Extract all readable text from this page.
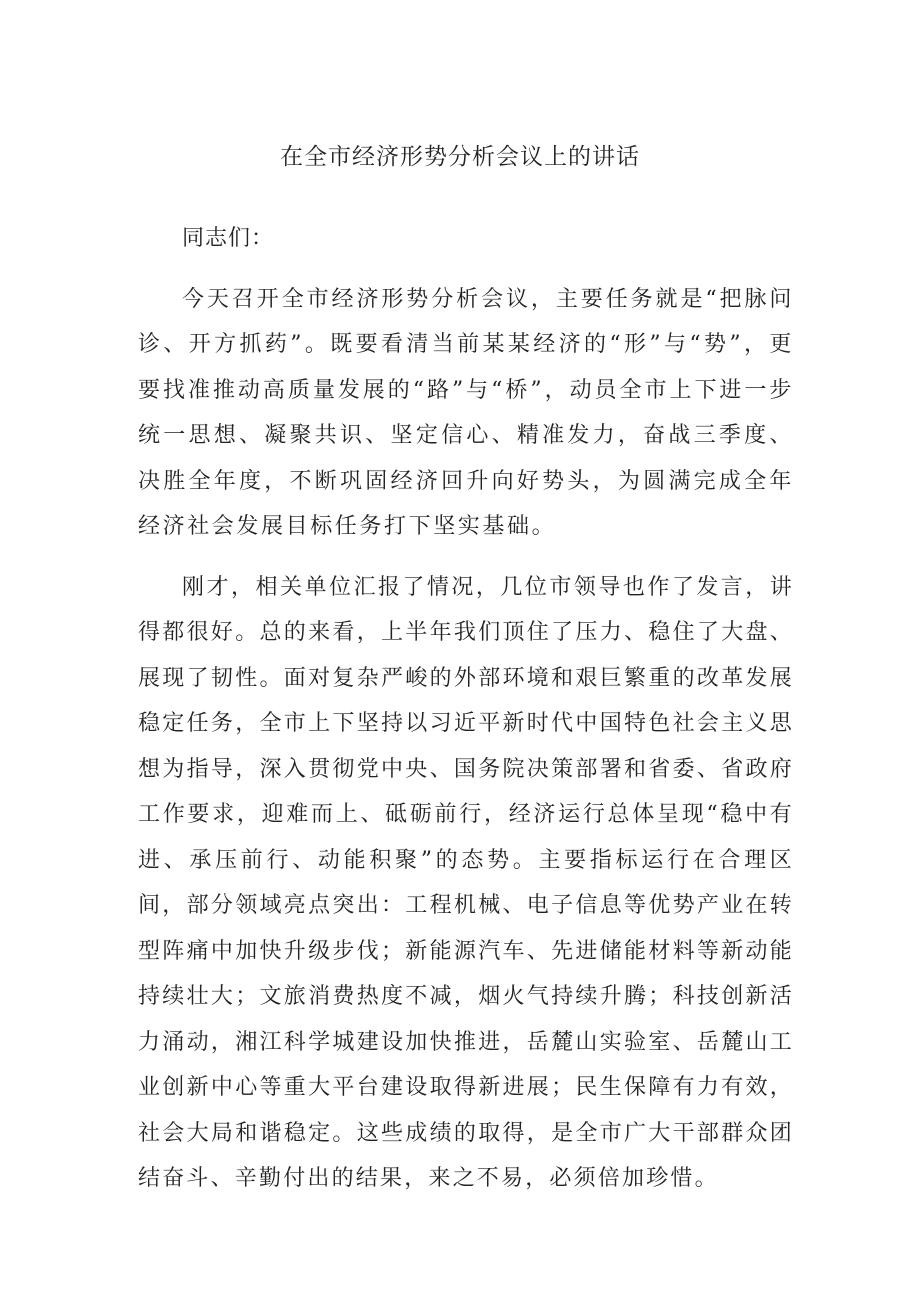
在全市经济形势分析会议上的讲话

同志们：

今天召开全市经济形势分析会议，主要任务就是“把脉问诊、开方抓药”。既要看清当前某某经济的“形”与“势”，更要找准推动高质量发展的“路”与“桥”，动员全市上下进一步统一思想、凝聚共识、坚定信心、精准发力，奋战三季度、决胜全年度，不断巩固经济回升向好势头，为圆满完成全年经济社会发展目标任务打下坚实基础。

刚才，相关单位汇报了情况，几位市领导也作了发言，讲得都很好。总的来看，上半年我们顶住了压力、稳住了大盘、展现了韧性。面对复杂严峻的外部环境和艰巨繁重的改革发展稳定任务，全市上下坚持以习近平新时代中国特色社会主义思想为指导，深入贯彻党中央、国务院决策部署和省委、省政府工作要求，迎难而上、砥砺前行，经济运行总体呈现“稳中有进、承压前行、动能积聚”的态势。主要指标运行在合理区间，部分领域亮点突出：工程机械、电子信息等优势产业在转型阵痛中加快升级步伐；新能源汽车、先进储能材料等新动能持续壮大；文旅消费热度不减，烟火气持续升腾；科技创新活力涌动，湘江科学城建设加快推进，岳麓山实验室、岳麓山工业创新中心等重大平台建设取得新进展；民生保障有力有效，社会大局和谐稳定。这些成绩的取得，是全市广大干部群众团结奋斗、辛勤付出的结果，来之不易，必须倍加珍惜。
